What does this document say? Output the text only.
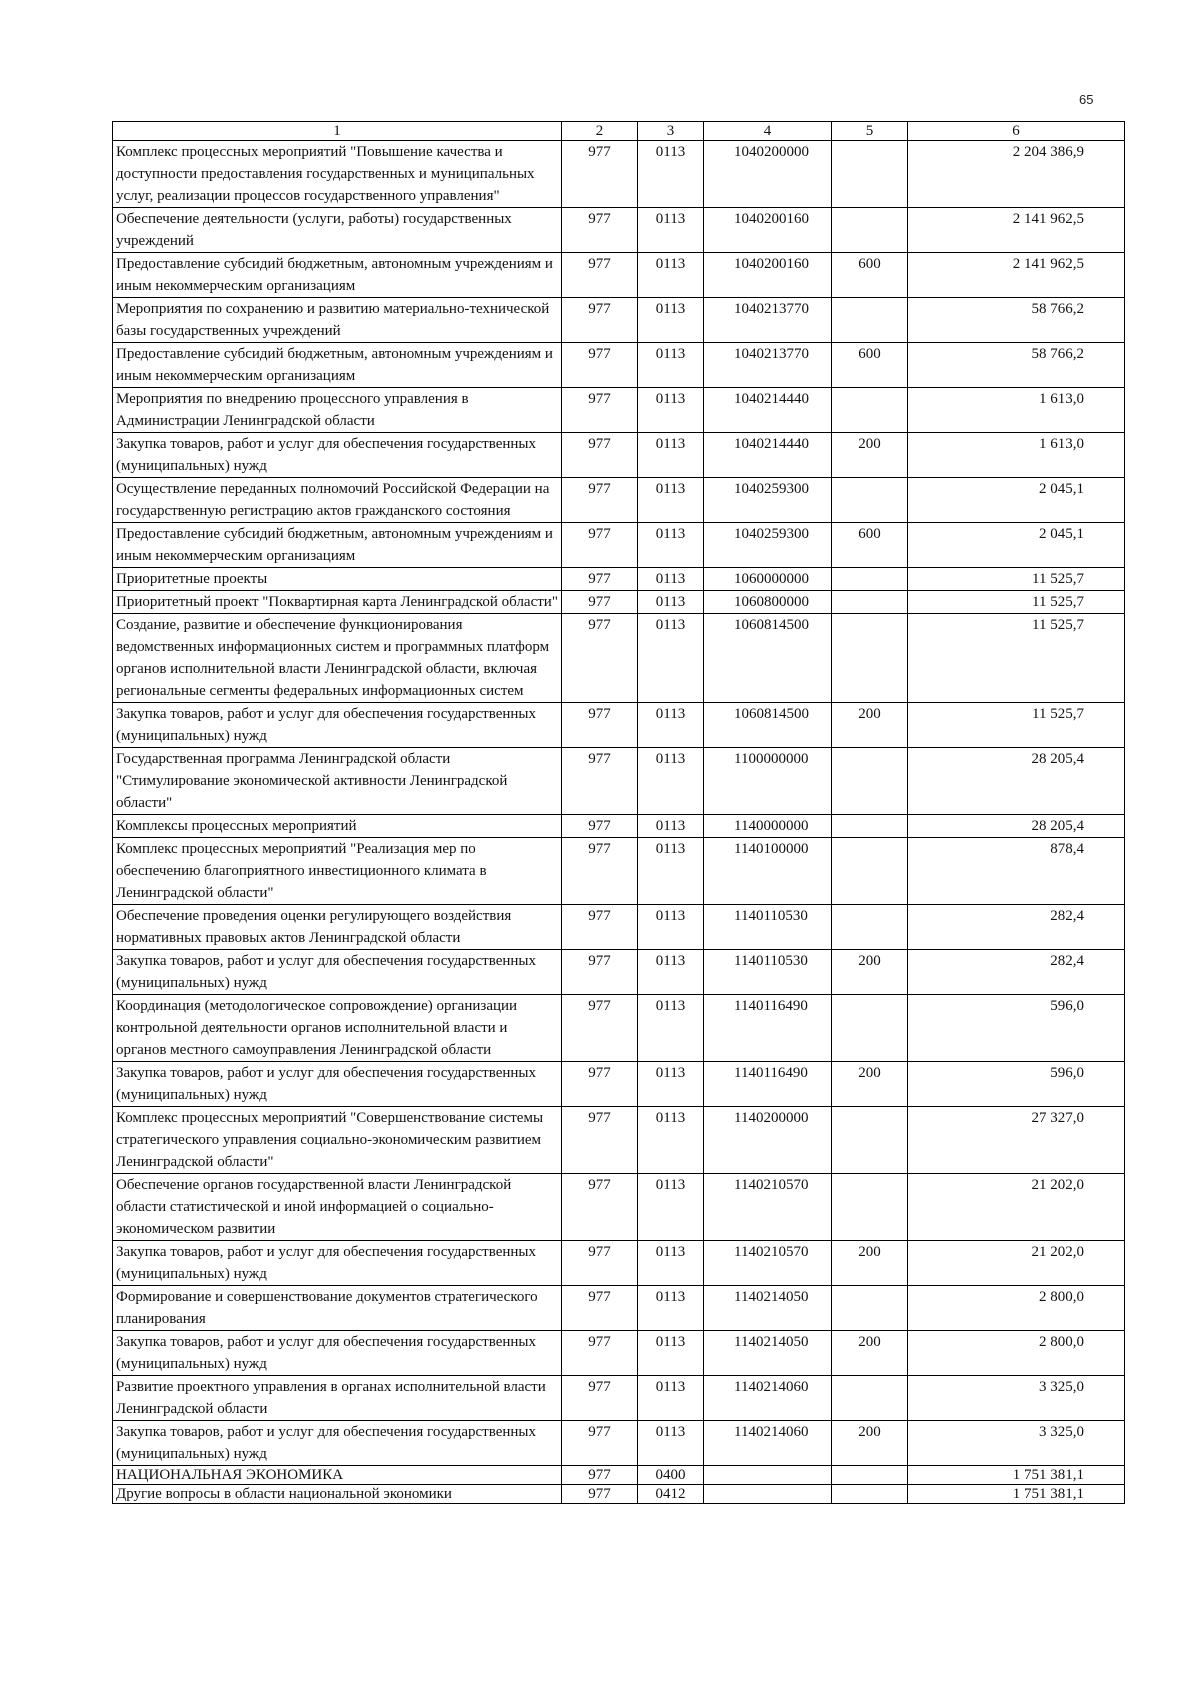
65
1	2	3	4	5	6
Комплекс процессных мероприятий "Повышение качества и доступности предоставления государственных и муниципальных услуг, реализации процессов государственного управления"	977	0113	1040200000		2 204 386,9
Обеспечение деятельности (услуги, работы) государственных учреждений	977	0113	1040200160		2 141 962,5
Предоставление субсидий бюджетным, автономным учреждениям и иным некоммерческим организациям	977	0113	1040200160	600	2 141 962,5
Мероприятия по сохранению и развитию материально-технической базы государственных учреждений	977	0113	1040213770		58 766,2
Предоставление субсидий бюджетным, автономным учреждениям и иным некоммерческим организациям	977	0113	1040213770	600	58 766,2
Мероприятия по внедрению процессного управления в Администрации Ленинградской области	977	0113	1040214440		1 613,0
Закупка товаров, работ и услуг для обеспечения государственных (муниципальных) нужд	977	0113	1040214440	200	1 613,0
Осуществление переданных полномочий Российской Федерации на государственную регистрацию актов гражданского состояния	977	0113	1040259300		2 045,1
Предоставление субсидий бюджетным, автономным учреждениям и иным некоммерческим организациям	977	0113	1040259300	600	2 045,1
Приоритетные проекты	977	0113	1060000000		11 525,7
Приоритетный проект "Поквартирная карта Ленинградской области"	977	0113	1060800000		11 525,7
Создание, развитие и обеспечение функционирования ведомственных информационных систем и программных платформ органов исполнительной власти Ленинградской области, включая региональные сегменты федеральных информационных систем	977	0113	1060814500		11 525,7
Закупка товаров, работ и услуг для обеспечения государственных (муниципальных) нужд	977	0113	1060814500	200	11 525,7
Государственная программа Ленинградской области "Стимулирование экономической активности Ленинградской области"	977	0113	1100000000		28 205,4
Комплексы процессных мероприятий	977	0113	1140000000		28 205,4
Комплекс процессных мероприятий "Реализация мер по обеспечению благоприятного инвестиционного климата в Ленинградской области"	977	0113	1140100000		878,4
Обеспечение проведения оценки регулирующего воздействия нормативных правовых актов Ленинградской области	977	0113	1140110530		282,4
Закупка товаров, работ и услуг для обеспечения государственных (муниципальных) нужд	977	0113	1140110530	200	282,4
Координация (методологическое сопровождение) организации контрольной деятельности органов исполнительной власти и органов местного самоуправления Ленинградской области	977	0113	1140116490		596,0
Закупка товаров, работ и услуг для обеспечения государственных (муниципальных) нужд	977	0113	1140116490	200	596,0
Комплекс процессных мероприятий "Совершенствование системы стратегического управления социально-экономическим развитием Ленинградской области"	977	0113	1140200000		27 327,0
Обеспечение органов государственной власти Ленинградской области статистической и иной информацией о социально-экономическом развитии	977	0113	1140210570		21 202,0
Закупка товаров, работ и услуг для обеспечения государственных (муниципальных) нужд	977	0113	1140210570	200	21 202,0
Формирование и совершенствование документов стратегического планирования	977	0113	1140214050		2 800,0
Закупка товаров, работ и услуг для обеспечения государственных (муниципальных) нужд	977	0113	1140214050	200	2 800,0
Развитие проектного управления в органах исполнительной власти Ленинградской области	977	0113	1140214060		3 325,0
Закупка товаров, работ и услуг для обеспечения государственных (муниципальных) нужд	977	0113	1140214060	200	3 325,0
НАЦИОНАЛЬНАЯ ЭКОНОМИКА	977	0400			1 751 381,1
Другие вопросы в области национальной экономики	977	0412			1 751 381,1
